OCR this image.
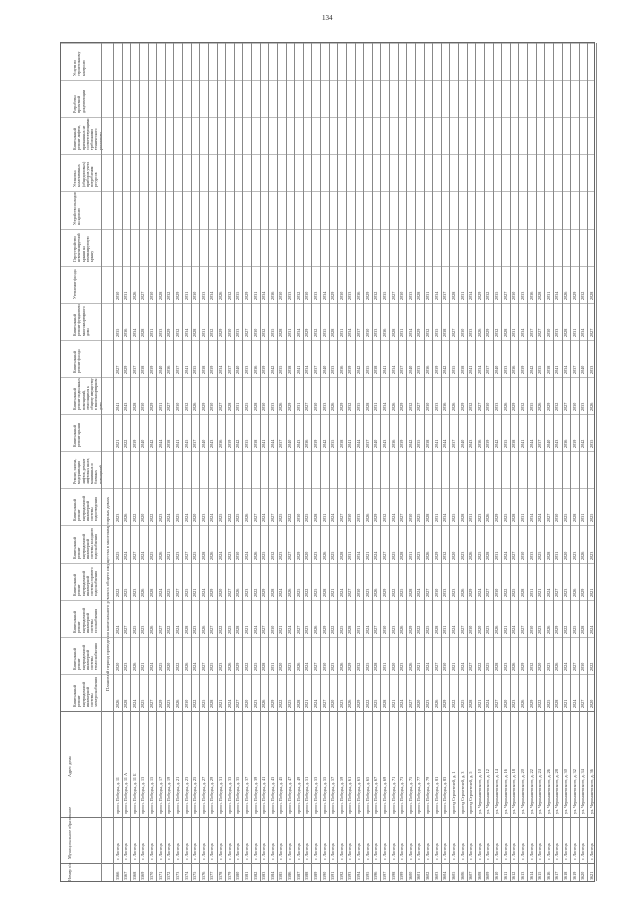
134
Номер п/п
Муниципальное образование
Адрес дома
Плановый период проведения капитального ремонта общего имущества в многоквартирных домах
Капитальный ремонт внутридомовой инженерной системы электроснабжения
Капитальный ремонт внутридомовой инженерной системы теплоснабжения
Капитальный ремонт внутридомовой инженерной системы газоснабжения
Капитальный ремонт внутридомовой инженерной системы горячего водоснабжения
Капитальный ремонт внутридомовой инженерной системы холодного водоснабжения
Капитальный ремонт внутридомовой инженерной системы водоотведения
Ремонт, замена, модернизация лифтов, ремонт лифтовых шахт, машинных и блочных помещений
Капитальный ремонт крыши
Капитальный ремонт подвальных помещений, относящихся к общему имуществу в многоквартирном доме
Капитальный ремонт фасада
Капитальный ремонт фундамента многоквартирного дома
Утепление фасада
Переустройство невентилируемой крыши на вентилируемую крышу
Устройство выходов на кровлю
Установка коллективных (общедомовых) приборов учета потребления ресурсов
Капитальный ремонт лифтов, признанных не соответствующими требованиям технического регламента
Разработка проектной документации
Услуги по строительному контролю
3566
г. Липецк
просп. Победы, д. 11
2026
2020
2024
2022
2025
2023
2021
2041
2027
2035
2030
3567
г. Липецк
просп. Победы, д. 11 А
2028
2023
2027
2025
2024
2026
2022
2043
2029
2036
2031
3568
г. Липецк
просп. Победы, д. 11 Б
2024
2026
2025
2023
2027
2022
2039
2028
2037
2034
2026
3569
г. Липецк
просп. Победы, д. 13
2025
2021
2023
2026
2024
2020
2040
2030
2038
2028
2027
3570
г. Липецк
просп. Победы, д. 15
2027
2024
2026
2028
2025
2022
2042
2029
2039
2031
2030
3571
г. Липецк
просп. Победы, д. 17
2029
2025
2027
2024
2026
2023
2044
2031
2040
2033
2028
3572
г. Липецк
просп. Победы, д. 19
2023
2020
2022
2025
2021
2024
2038
2027
2036
2029
2032
3573
г. Липецк
просп. Победы, д. 21
2026
2022
2024
2027
2023
2025
2041
2030
2037
2032
2029
3574
г. Липецк
просп. Победы, д. 23
2030
2026
2028
2025
2027
2024
2045
2032
2041
2034
2031
3575
г. Липецк
просп. Победы, д. 25
2022
2024
2023
2021
2025
2020
2037
2026
2035
2028
2030
3576
г. Липецк
просп. Победы, д. 27
2025
2027
2026
2024
2028
2023
2040
2029
2038
2031
2033
3577
г. Липецк
просп. Победы, д. 29
2028
2025
2027
2029
2026
2024
2043
2030
2039
2032
2034
3578
г. Липецк
просп. Победы, д. 31
2021
2023
2022
2020
2024
2025
2036
2027
2034
2029
2026
3579
г. Липецк
просп. Победы, д. 33
2024
2026
2025
2027
2023
2022
2039
2028
2037
2030
2032
3580
г. Липецк
просп. Победы, д. 35
2027
2029
2028
2026
2030
2025
2042
2031
2040
2033
2035
3581
г. Липецк
просп. Победы, д. 37
2020
2022
2021
2023
2024
2026
2035
2025
2033
2027
2029
3582
г. Липецк
просп. Победы, д. 39
2023
2025
2024
2022
2026
2027
2038
2028
2036
2030
2031
3583
г. Липецк
просп. Победы, д. 41
2026
2028
2027
2029
2025
2024
2041
2030
2039
2032
2034
3584
г. Липецк
просп. Победы, д. 43
2029
2031
2030
2028
2032
2027
2044
2033
2042
2035
2036
3585
г. Липецк
просп. Победы, д. 45
2022
2020
2021
2024
2023
2025
2037
2026
2035
2028
2030
3586
г. Липецк
просп. Победы, д. 47
2025
2023
2024
2026
2027
2022
2040
2029
2038
2031
2033
3587
г. Липецк
просп. Победы, д. 49
2028
2026
2027
2025
2029
2030
2043
2031
2041
2034
2032
3588
г. Липецк
просп. Победы, д. 51
2021
2024
2023
2022
2020
2025
2036
2027
2034
2029
2030
3589
г. Липецк
просп. Победы, д. 53
2024
2027
2026
2025
2023
2028
2039
2030
2037
2032
2033
3590
г. Липецк
просп. Победы, д. 55
2027
2030
2029
2028
2026
2031
2042
2033
2040
2035
2034
3591
г. Липецк
просп. Победы, д. 57
2020
2023
2022
2021
2025
2024
2035
2026
2033
2028
2029
3592
г. Липецк
просп. Победы, д. 59
2023
2026
2025
2024
2028
2027
2038
2029
2036
2031
2030
3593
г. Липецк
просп. Победы, д. 61
2026
2029
2028
2027
2031
2030
2041
2032
2039
2034
2033
3594
г. Липецк
просп. Победы, д. 63
2029
2032
2031
2030
2034
2033
2044
2035
2042
2037
2036
3595
г. Липецк
просп. Победы, д. 65
2022
2025
2024
2023
2021
2026
2037
2028
2035
2030
2029
3596
г. Липецк
просп. Победы, д. 67
2025
2028
2027
2026
2024
2029
2040
2031
2038
2033
2032
3597
г. Липецк
просп. Победы, д. 69
2028
2031
2030
2029
2027
2032
2043
2034
2041
2036
2035
3598
г. Липецк
просп. Победы, д. 71
2021
2020
2023
2022
2025
2024
2036
2026
2034
2028
2027
3599
г. Липецк
просп. Победы, д. 73
2024
2023
2026
2025
2028
2027
2039
2029
2037
2031
2030
3600
г. Липецк
просп. Победы, д. 75
2027
2026
2029
2028
2031
2030
2042
2032
2040
2034
2033
3601
г. Липецк
просп. Победы, д. 77
2020
2021
2022
2024
2023
2025
2035
2027
2033
2029
2028
3602
г. Липецк
просп. Победы, д. 79
2023
2024
2025
2027
2026
2028
2038
2030
2036
2032
2031
3603
г. Липецк
просп. Победы, д. 81
2026
2027
2028
2030
2029
2031
2041
2033
2039
2035
2034
3604
г. Липецк
просп. Победы, д. 83
2029
2030
2031
2033
2032
2034
2044
2036
2042
2038
2037
3605
г. Липецк
проезд Строителей, д. 1
2022
2021
2024
2023
2020
2025
2037
2026
2035
2027
2028
3606
г. Липецк
проезд Строителей, д. 3
2025
2024
2027
2026
2023
2028
2040
2029
2038
2030
2031
3607
г. Липецк
проезд Строителей, д. 5
2028
2027
2030
2029
2026
2031
2043
2032
2041
2033
2034
3608
г. Липецк
ул. Чернышевского, д. 10
2021
2022
2020
2024
2025
2023
2036
2027
2034
2026
2029
3609
г. Липецк
ул. Чернышевского, д. 12
2024
2025
2023
2027
2028
2026
2039
2030
2037
2029
2032
3610
г. Липецк
ул. Чернышевского, д. 14
2027
2028
2026
2030
2031
2029
2042
2033
2040
2032
2035
3611
г. Липецк
ул. Чернышевского, д. 16
2020
2023
2021
2022
2024
2025
2035
2026
2033
2028
2027
3612
г. Липецк
ул. Чернышевского, д. 18
2023
2026
2024
2025
2027
2028
2038
2029
2036
2031
2030
3613
г. Липецк
ул. Чернышевского, д. 20
2026
2029
2027
2028
2030
2031
2041
2032
2039
2034
2033
3614
г. Липецк
ул. Чернышевского, д. 22
2029
2032
2030
2031
2033
2034
2044
2035
2042
2037
2036
3615
г. Липецк
ул. Чернышевского, д. 24
2022
2020
2023
2021
2025
2024
2037
2026
2035
2027
2028
3616
г. Липецк
ул. Чернышевского, д. 26
2025
2023
2026
2024
2028
2027
2040
2029
2038
2030
2031
3617
г. Липецк
ул. Чернышевского, д. 28
2028
2026
2029
2027
2031
2030
2043
2032
2041
2033
2034
3618
г. Липецк
ул. Чернышевского, д. 30
2021
2024
2022
2023
2020
2025
2036
2027
2034
2028
2026
3619
г. Липецк
ул. Чернышевского, д. 32
2024
2027
2025
2026
2023
2028
2039
2030
2037
2031
2029
3620
г. Липецк
ул. Чернышевского, д. 34
2027
2030
2028
2029
2026
2031
2042
2033
2040
2034
2032
3621
г. Липецк
ул. Чернышевского, д. 36
2020
2022
2024
2021
2023
2025
2035
2026
2033
2027
2028
